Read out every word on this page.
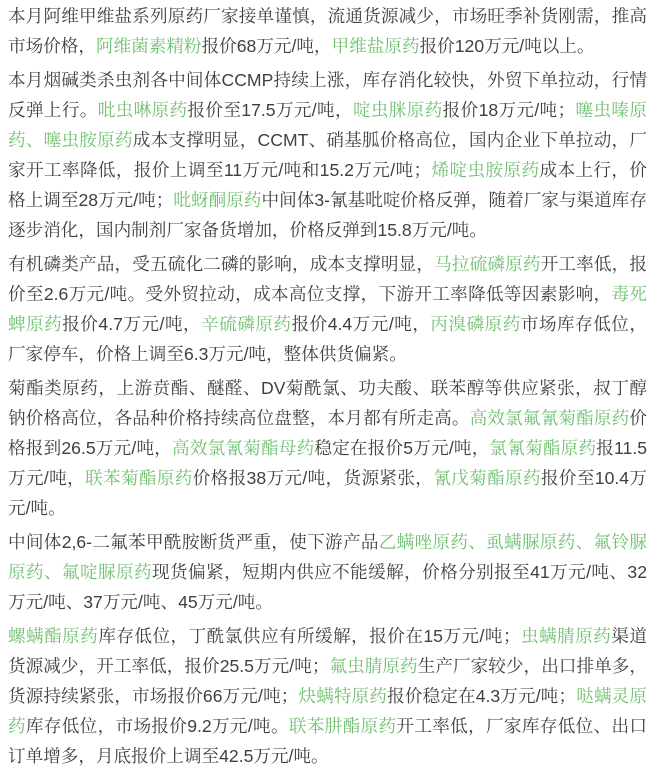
本月阿维甲维盐系列原药厂家接单谨慎，流通货源减少，市场旺季补货刚需，推高市场价格，阿维菌素精粉报价68万元/吨，甲维盐原药报价120万元/吨以上。

本月烟碱类杀虫剂各中间体CCMP持续上涨，库存消化较快，外贸下单拉动，行情反弹上行。吡虫啉原药报价至17.5万元/吨，啶虫脒原药报价18万元/吨；噻虫嗪原药、噻虫胺原药成本支撑明显，CCMT、硝基胍价格高位，国内企业下单拉动，厂家开工率降低，报价上调至11万元/吨和15.2万元/吨；烯啶虫胺原药成本上行，价格上调至28万元/吨；吡蚜酮原药中间体3-氰基吡啶价格反弹，随着厂家与渠道库存逐步消化，国内制剂厂家备货增加，价格反弹到15.8万元/吨。

有机磷类产品，受五硫化二磷的影响，成本支撑明显，马拉硫磷原药开工率低，报价至2.6万元/吨。受外贸拉动，成本高位支撑，下游开工率降低等因素影响，毒死蜱原药报价4.7万元/吨，辛硫磷原药报价4.4万元/吨，丙溴磷原药市场库存低位，厂家停车，价格上调至6.3万元/吨，整体供货偏紧。

菊酯类原药，上游贲酯、醚醛、DV菊酰氯、功夫酸、联苯醇等供应紧张，叔丁醇钠价格高位，各品种价格持续高位盘整，本月都有所走高。高效氯氟氰菊酯原药价格报到26.5万元/吨，高效氯氰菊酯母药稳定在报价5万元/吨，氯氰菊酯原药报11.5万元/吨，联苯菊酯原药价格报38万元/吨，货源紧张，氰戊菊酯原药报价至10.4万元/吨。

中间体2,6-二氟苯甲酰胺断货严重，使下游产品乙螨唑原药、虱螨脲原药、氟铃脲原药、氟啶脲原药现货偏紧，短期内供应不能缓解，价格分别报至41万元/吨、32万元/吨、37万元/吨、45万元/吨。

螺螨酯原药库存低位，丁酰氯供应有所缓解，报价在15万元/吨；虫螨腈原药渠道货源减少，开工率低，报价25.5万元/吨；氟虫腈原药生产厂家较少，出口排单多，货源持续紧张，市场报价66万元/吨；炔螨特原药报价稳定在4.3万元/吨；哒螨灵原药库存低位，市场报价9.2万元/吨。联苯肼酯原药开工率低，厂家库存低位、出口订单增多，月底报价上调至42.5万元/吨。
